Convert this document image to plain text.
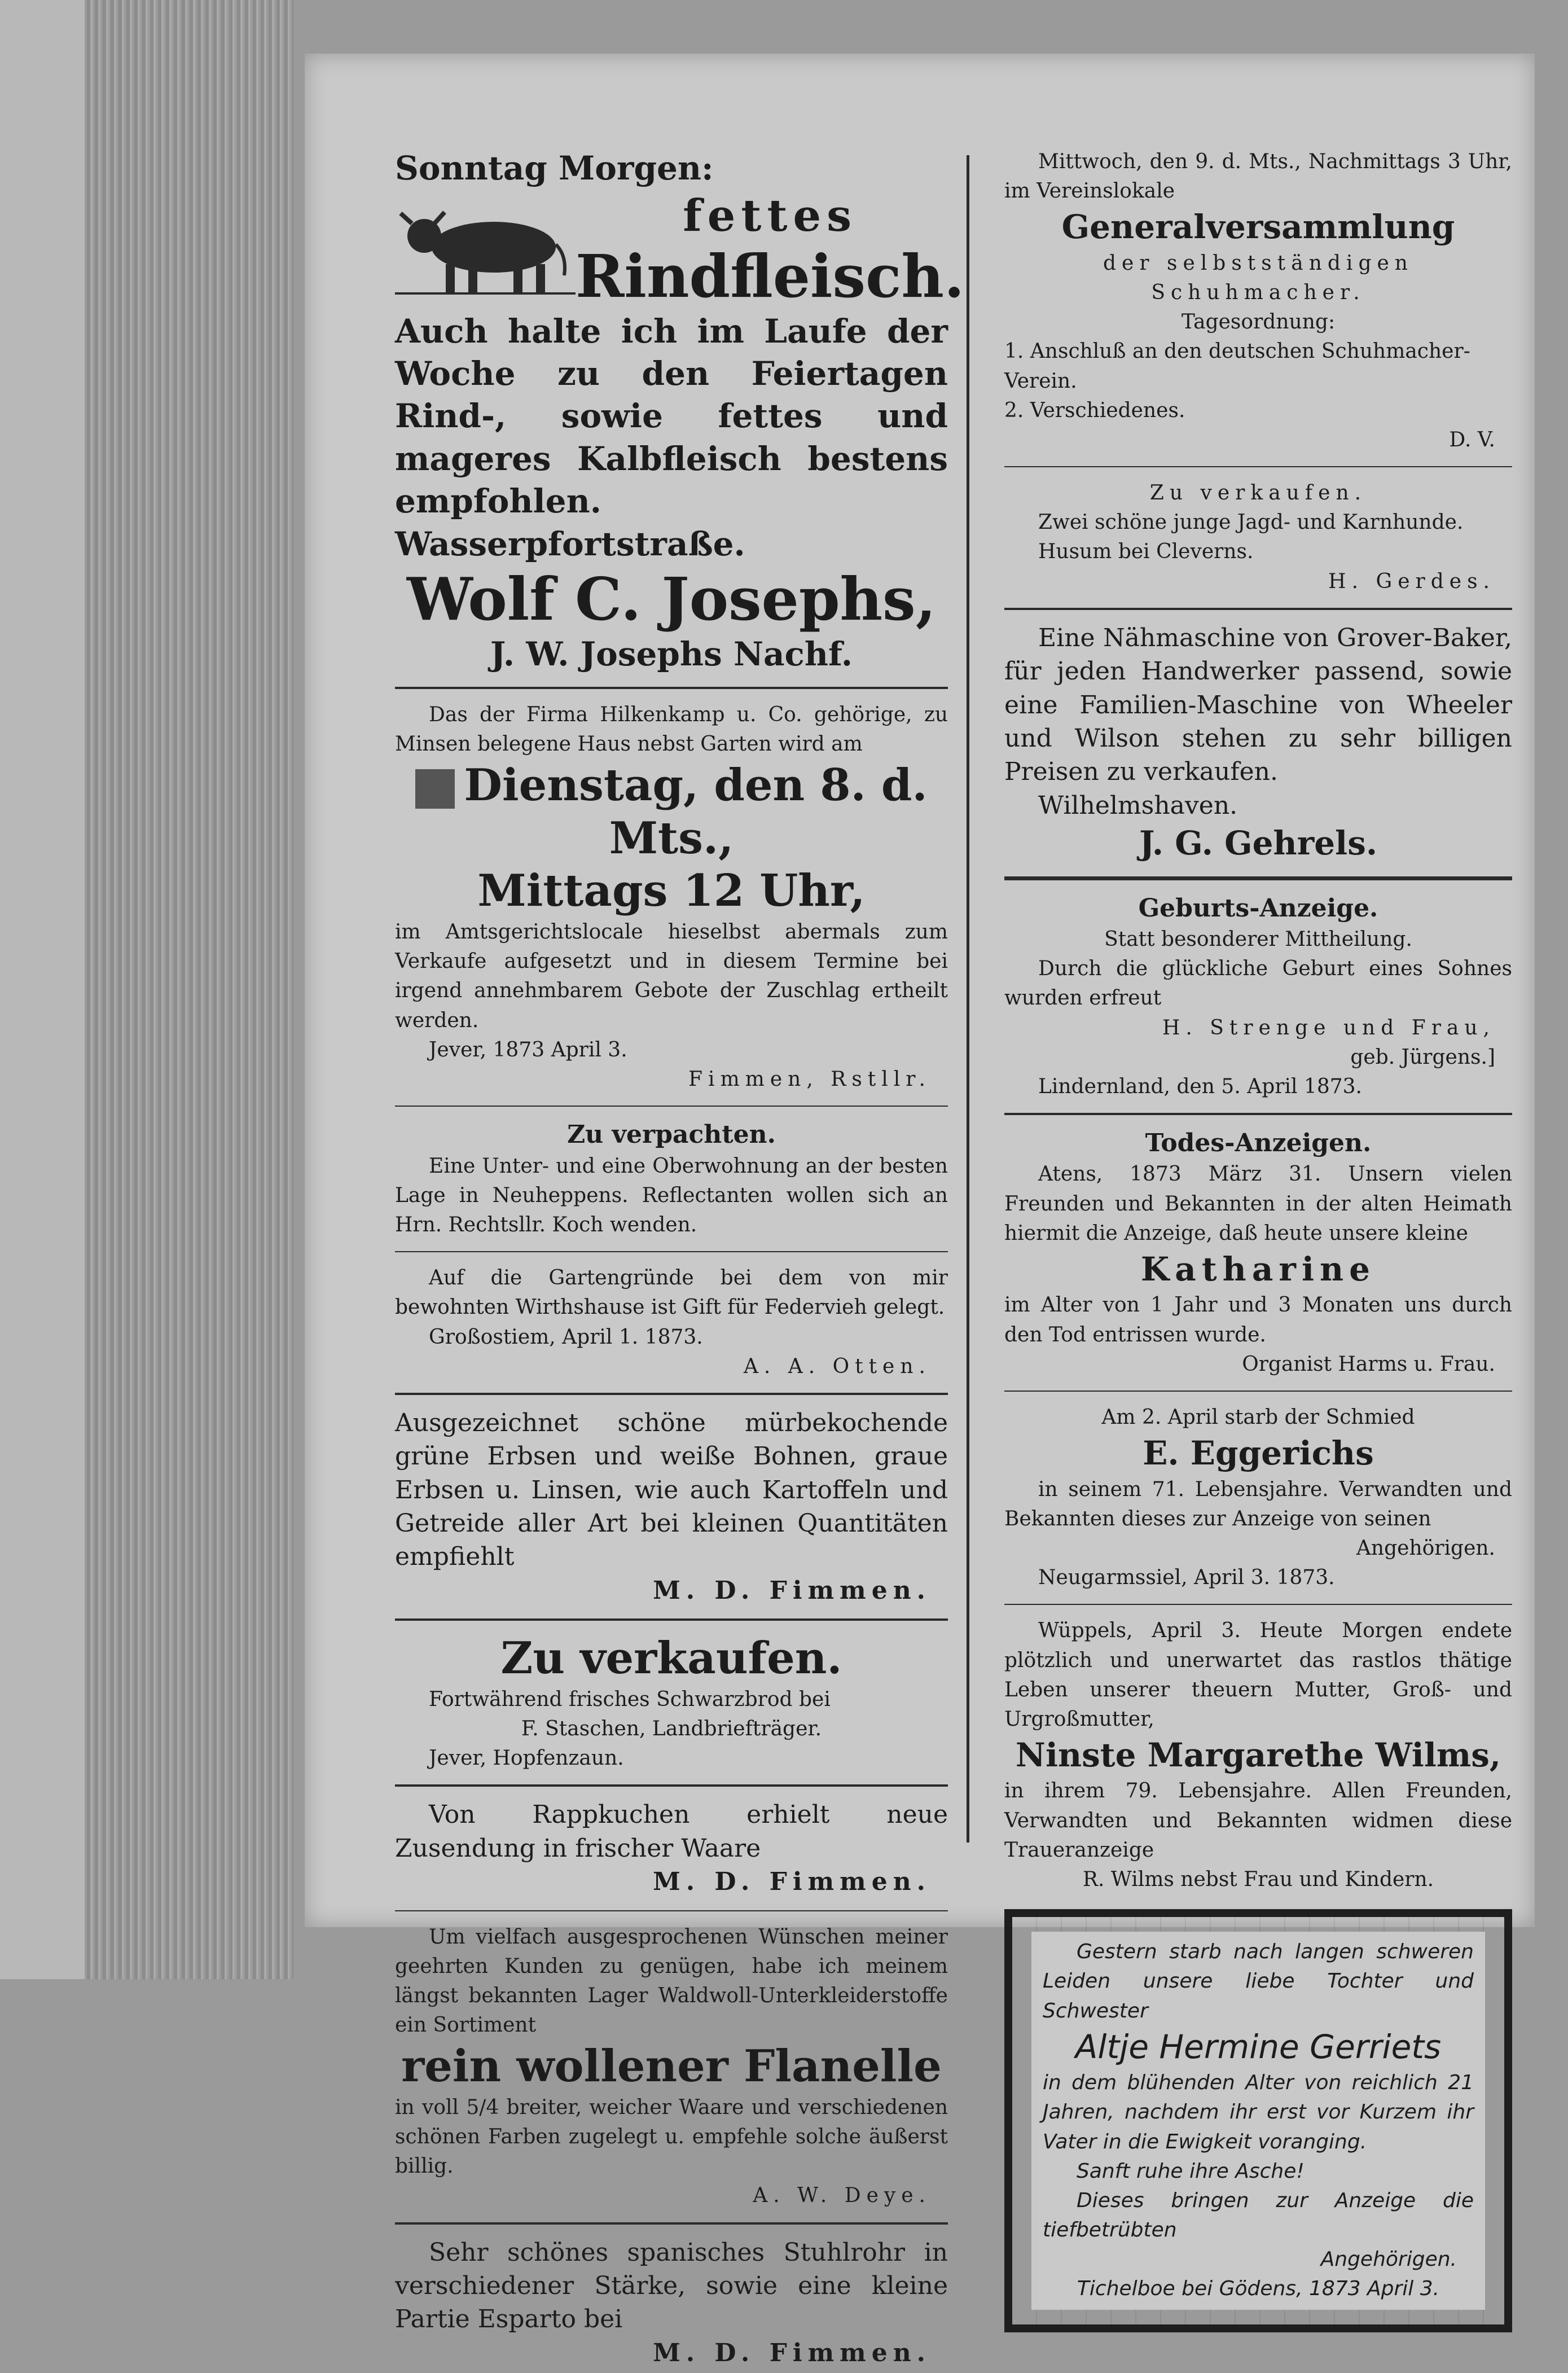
Sonntag Morgen:
fettes
Rindfleisch.
Auch halte ich im Laufe der Woche zu den Feiertagen Rind-, sowie fettes und mageres Kalbfleisch bestens empfohlen.
Wasserpfortstraße.
Wolf C. Josephs,
J. W. Josephs Nachf.
Das der Firma Hilkenkamp u. Co. gehörige, zu Minsen belegene Haus nebst Garten wird am
Dienstag, den 8. d. Mts.,
Mittags 12 Uhr,
im Amtsgerichtslocale hieselbst abermals zum Verkaufe aufgesetzt und in diesem Termine bei irgend annehmbarem Gebote der Zuschlag ertheilt werden.
Jever, 1873 April 3.
Fimmen, Rstllr.
Zu verpachten.
Eine Unter- und eine Oberwohnung an der besten Lage in Neuheppens. Reflectanten wollen sich an Hrn. Rechtsllr. Koch wenden.
Auf die Gartengründe bei dem von mir bewohnten Wirthshause ist Gift für Federvieh gelegt.
Großostiem, April 1. 1873.
A. A. Otten.
Ausgezeichnet schöne mürbekochende grüne Erbsen und weiße Bohnen, graue Erbsen u. Linsen, wie auch Kartoffeln und Getreide aller Art bei kleinen Quantitäten empfiehlt
M. D. Fimmen.
Zu verkaufen.
Fortwährend frisches Schwarzbrod bei
F. Staschen, Landbriefträger.
Jever, Hopfenzaun.
Von Rappkuchen erhielt neue Zusendung in frischer Waare
M. D. Fimmen.
Um vielfach ausgesprochenen Wünschen meiner geehrten Kunden zu genügen, habe ich meinem längst bekannten Lager Waldwoll-Unterkleiderstoffe ein Sortiment
rein wollener Flanelle
in voll 5/4 breiter, weicher Waare und verschiedenen schönen Farben zugelegt u. empfehle solche äußerst billig.
A. W. Deye.
Sehr schönes spanisches Stuhlrohr in verschiedener Stärke, sowie eine kleine Partie Esparto bei
M. D. Fimmen.
Mittwoch, den 9. d. Mts., Nachmittags 3 Uhr, im Vereinslokale
Generalversammlung
der selbstständigen Schuhmacher.
Tagesordnung:
1. Anschluß an den deutschen Schuhmacher-Verein.
2. Verschiedenes.
D. V.
Zu verkaufen.
Zwei schöne junge Jagd- und Karnhunde.
Husum bei Cleverns.
H. Gerdes.
Eine Nähmaschine von Grover-Baker, für jeden Handwerker passend, sowie eine Familien-Maschine von Wheeler und Wilson stehen zu sehr billigen Preisen zu verkaufen.
Wilhelmshaven.
J. G. Gehrels.
Geburts-Anzeige.
Statt besonderer Mittheilung.
Durch die glückliche Geburt eines Sohnes wurden erfreut
H. Strenge und Frau,
geb. Jürgens.]
Lindernland, den 5. April 1873.
Todes-Anzeigen.
Atens, 1873 März 31. Unsern vielen Freunden und Bekannten in der alten Heimath hiermit die Anzeige, daß heute unsere kleine
Katharine
im Alter von 1 Jahr und 3 Monaten uns durch den Tod entrissen wurde.
Organist Harms u. Frau.
Am 2. April starb der Schmied
E. Eggerichs
in seinem 71. Lebensjahre. Verwandten und Bekannten dieses zur Anzeige von seinen
Angehörigen.
Neugarmssiel, April 3. 1873.
Wüppels, April 3. Heute Morgen endete plötzlich und unerwartet das rastlos thätige Leben unserer theuern Mutter, Groß- und Urgroßmutter,
Ninste Margarethe Wilms,
in ihrem 79. Lebensjahre. Allen Freunden, Verwandten und Bekannten widmen diese Traueranzeige
R. Wilms nebst Frau und Kindern.
Gestern starb nach langen schweren Leiden unsere liebe Tochter und Schwester
Altje Hermine Gerriets
in dem blühenden Alter von reichlich 21 Jahren, nachdem ihr erst vor Kurzem ihr Vater in die Ewigkeit voranging.
Sanft ruhe ihre Asche!
Dieses bringen zur Anzeige die tiefbetrübten
Angehörigen.
Tichelboe bei Gödens, 1873 April 3.
